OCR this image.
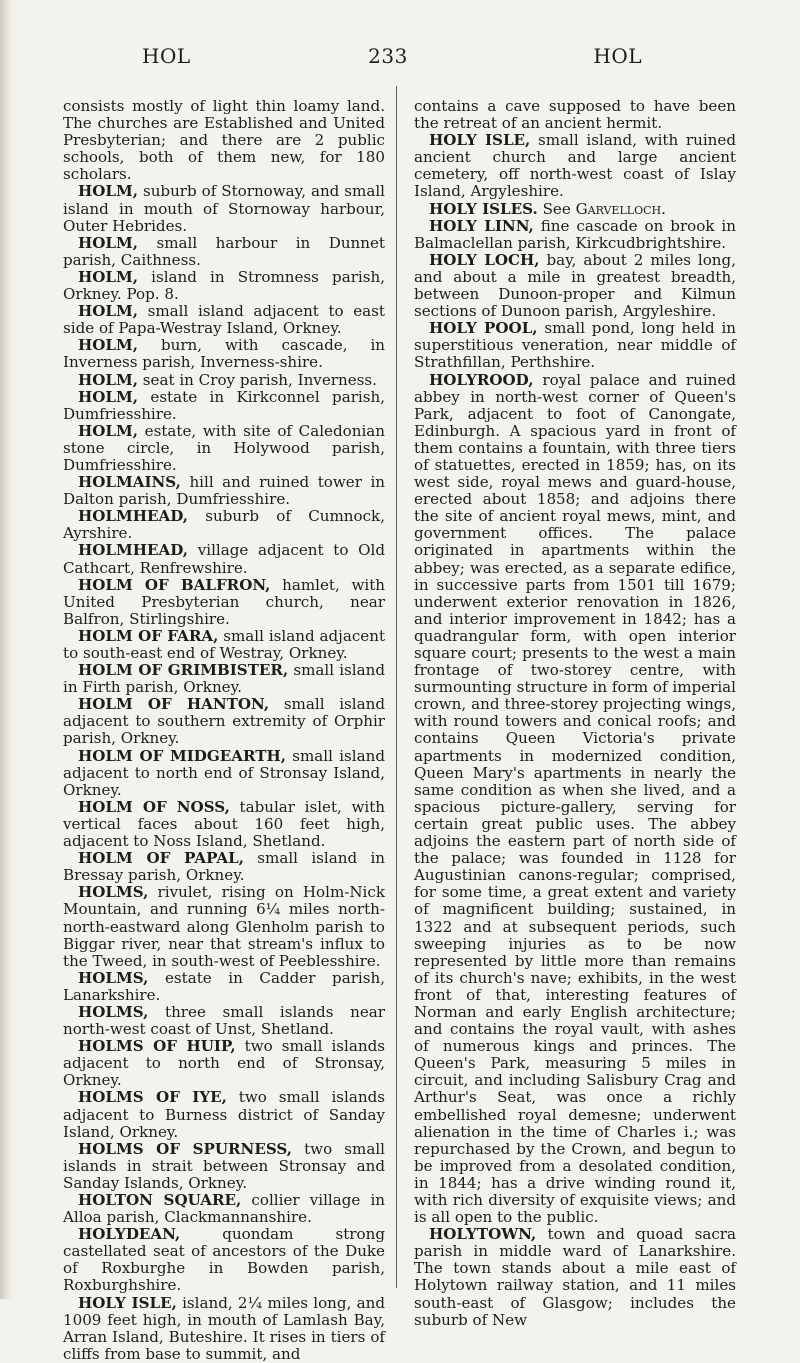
HOL	233	HOL

consists mostly of light thin loamy land. The churches are Established and United Presbyterian; and there are 2 public schools, both of them new, for 180 scholars.

HOLM, suburb of Stornoway, and small island in mouth of Stornoway harbour, Outer Hebrides.

HOLM, small harbour in Dunnet parish, Caithness.

HOLM, island in Stromness parish, Orkney. Pop. 8.

HOLM, small island adjacent to east side of Papa-Westray Island, Orkney.

HOLM, burn, with cascade, in Inverness parish, Inverness-shire.

HOLM, seat in Croy parish, Inverness.

HOLM, estate in Kirkconnel parish, Dumfriesshire.

HOLM, estate, with site of Caledonian stone circle, in Holywood parish, Dumfriesshire.

HOLMAINS, hill and ruined tower in Dalton parish, Dumfriesshire.

HOLMHEAD, suburb of Cumnock, Ayrshire.

HOLMHEAD, village adjacent to Old Cathcart, Renfrewshire.

HOLM OF BALFRON, hamlet, with United Presbyterian church, near Balfron, Stirlingshire.

HOLM OF FARA, small island adjacent to south-east end of Westray, Orkney.

HOLM OF GRIMBISTER, small island in Firth parish, Orkney.

HOLM OF HANTON, small island adjacent to southern extremity of Orphir parish, Orkney.

HOLM OF MIDGEARTH, small island adjacent to north end of Stronsay Island, Orkney.

HOLM OF NOSS, tabular islet, with vertical faces about 160 feet high, adjacent to Noss Island, Shetland.

HOLM OF PAPAL, small island in Bressay parish, Orkney.

HOLMS, rivulet, rising on Holm-Nick Mountain, and running 6¼ miles north-north-eastward along Glenholm parish to Biggar river, near that stream's influx to the Tweed, in south-west of Peeblesshire.

HOLMS, estate in Cadder parish, Lanarkshire.

HOLMS, three small islands near north-west coast of Unst, Shetland.

HOLMS OF HUIP, two small islands adjacent to north end of Stronsay, Orkney.

HOLMS OF IYE, two small islands adjacent to Burness district of Sanday Island, Orkney.

HOLMS OF SPURNESS, two small islands in strait between Stronsay and Sanday Islands, Orkney.

HOLTON SQUARE, collier village in Alloa parish, Clackmannanshire.

HOLYDEAN, quondam strong castellated seat of ancestors of the Duke of Roxburghe in Bowden parish, Roxburghshire.

HOLY ISLE, island, 2¼ miles long, and 1009 feet high, in mouth of Lamlash Bay, Arran Island, Buteshire. It rises in tiers of cliffs from base to summit, and

contains a cave supposed to have been the retreat of an ancient hermit.

HOLY ISLE, small island, with ruined ancient church and large ancient cemetery, off north-west coast of Islay Island, Argyleshire.

HOLY ISLES. See Garvelloch.

HOLY LINN, fine cascade on brook in Balmaclellan parish, Kirkcudbrightshire.

HOLY LOCH, bay, about 2 miles long, and about a mile in greatest breadth, between Dunoon-proper and Kilmun sections of Dunoon parish, Argyleshire.

HOLY POOL, small pond, long held in superstitious veneration, near middle of Strathfillan, Perthshire.

HOLYROOD, royal palace and ruined abbey in north-west corner of Queen's Park, adjacent to foot of Canongate, Edinburgh. A spacious yard in front of them contains a fountain, with three tiers of statuettes, erected in 1859; has, on its west side, royal mews and guard-house, erected about 1858; and adjoins there the site of ancient royal mews, mint, and government offices. The palace originated in apartments within the abbey; was erected, as a separate edifice, in successive parts from 1501 till 1679; underwent exterior renovation in 1826, and interior improvement in 1842; has a quadrangular form, with open interior square court; presents to the west a main frontage of two-storey centre, with surmounting structure in form of imperial crown, and three-storey projecting wings, with round towers and conical roofs; and contains Queen Victoria's private apartments in modernized condition, Queen Mary's apartments in nearly the same condition as when she lived, and a spacious picture-gallery, serving for certain great public uses. The abbey adjoins the eastern part of north side of the palace; was founded in 1128 for Augustinian canons-regular; comprised, for some time, a great extent and variety of magnificent building; sustained, in 1322 and at subsequent periods, such sweeping injuries as to be now represented by little more than remains of its church's nave; exhibits, in the west front of that, interesting features of Norman and early English architecture; and contains the royal vault, with ashes of numerous kings and princes. The Queen's Park, measuring 5 miles in circuit, and including Salisbury Crag and Arthur's Seat, was once a richly embellished royal demesne; underwent alienation in the time of Charles i.; was repurchased by the Crown, and begun to be improved from a desolated condition, in 1844; has a drive winding round it, with rich diversity of exquisite views; and is all open to the public.

HOLYTOWN, town and quoad sacra parish in middle ward of Lanarkshire. The town stands about a mile east of Holytown railway station, and 11 miles south-east of Glasgow; includes the suburb of New
